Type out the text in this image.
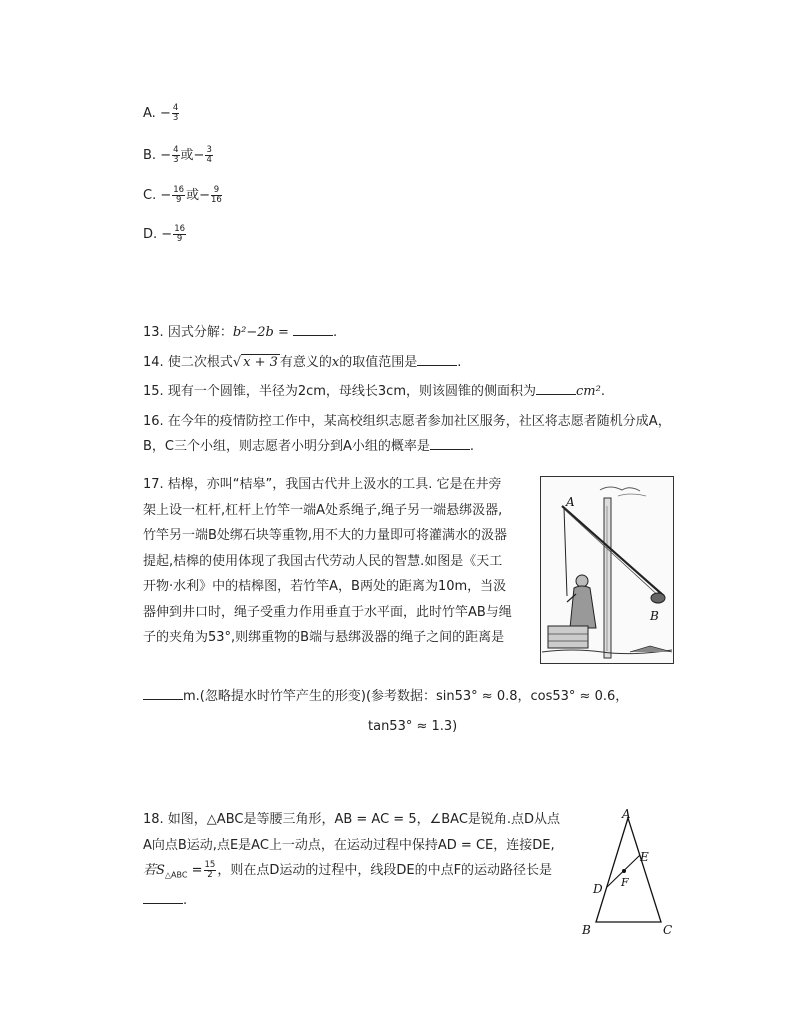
A. − $\frac{4}{3}$
B. − $\frac{4}{3}$ 或− $\frac{3}{4}$
C. − $\frac{16}{9}$ 或− $\frac{9}{16}$
D. − $\frac{16}{9}$
13. 因式分解：b²−2b =	.
14. 使二次根式√ x + 3 有意义的x的取值范围是	.
15. 现有一个圆锥，半径为2cm，母线长3cm，则该圆锥的侧面积为	cm².
16. 在今年的疫情防控工作中，某高校组织志愿者参加社区服务，社区将志愿者随机分成A，
B，C三个小组，则志愿者小明分到A小组的概率是	.
17. 桔槔，亦叫“桔皋”，我国古代井上汲水的工具. 它是在井旁
架上设一杠杆,杠杆上竹竿一端A处系绳子,绳子另一端悬绑汲器,
竹竿另一端B处绑石块等重物,用不大的力量即可将灌满水的汲器
提起,桔槔的使用体现了我国古代劳动人民的智慧.如图是《天工
开物·水利》中的桔槔图，若竹竿A，B两处的距离为10m，当汲
器伸到井口时，绳子受重力作用垂直于水平面，此时竹竿AB与绳
子的夹角为53°,则绑重物的B端与悬绑汲器的绳子之间的距离是
m.(忽略提水时竹竿产生的形变)(参考数据：sin53° ≈ 0.8，cos53° ≈ 0.6，
tan53° ≈ 1.3)
A
B
18. 如图，△ABC是等腰三角形，AB = AC = 5，∠BAC是锐角.点D从点
A向点B运动,点E是AC上一动点，在运动过程中保持AD = CE，连接DE,
若$S_{\triangle ABC} = \frac{15}{2}$ ，则在点D运动的过程中，线段DE的中点F的运动路径长是
.
A
B	C
D
E
F
